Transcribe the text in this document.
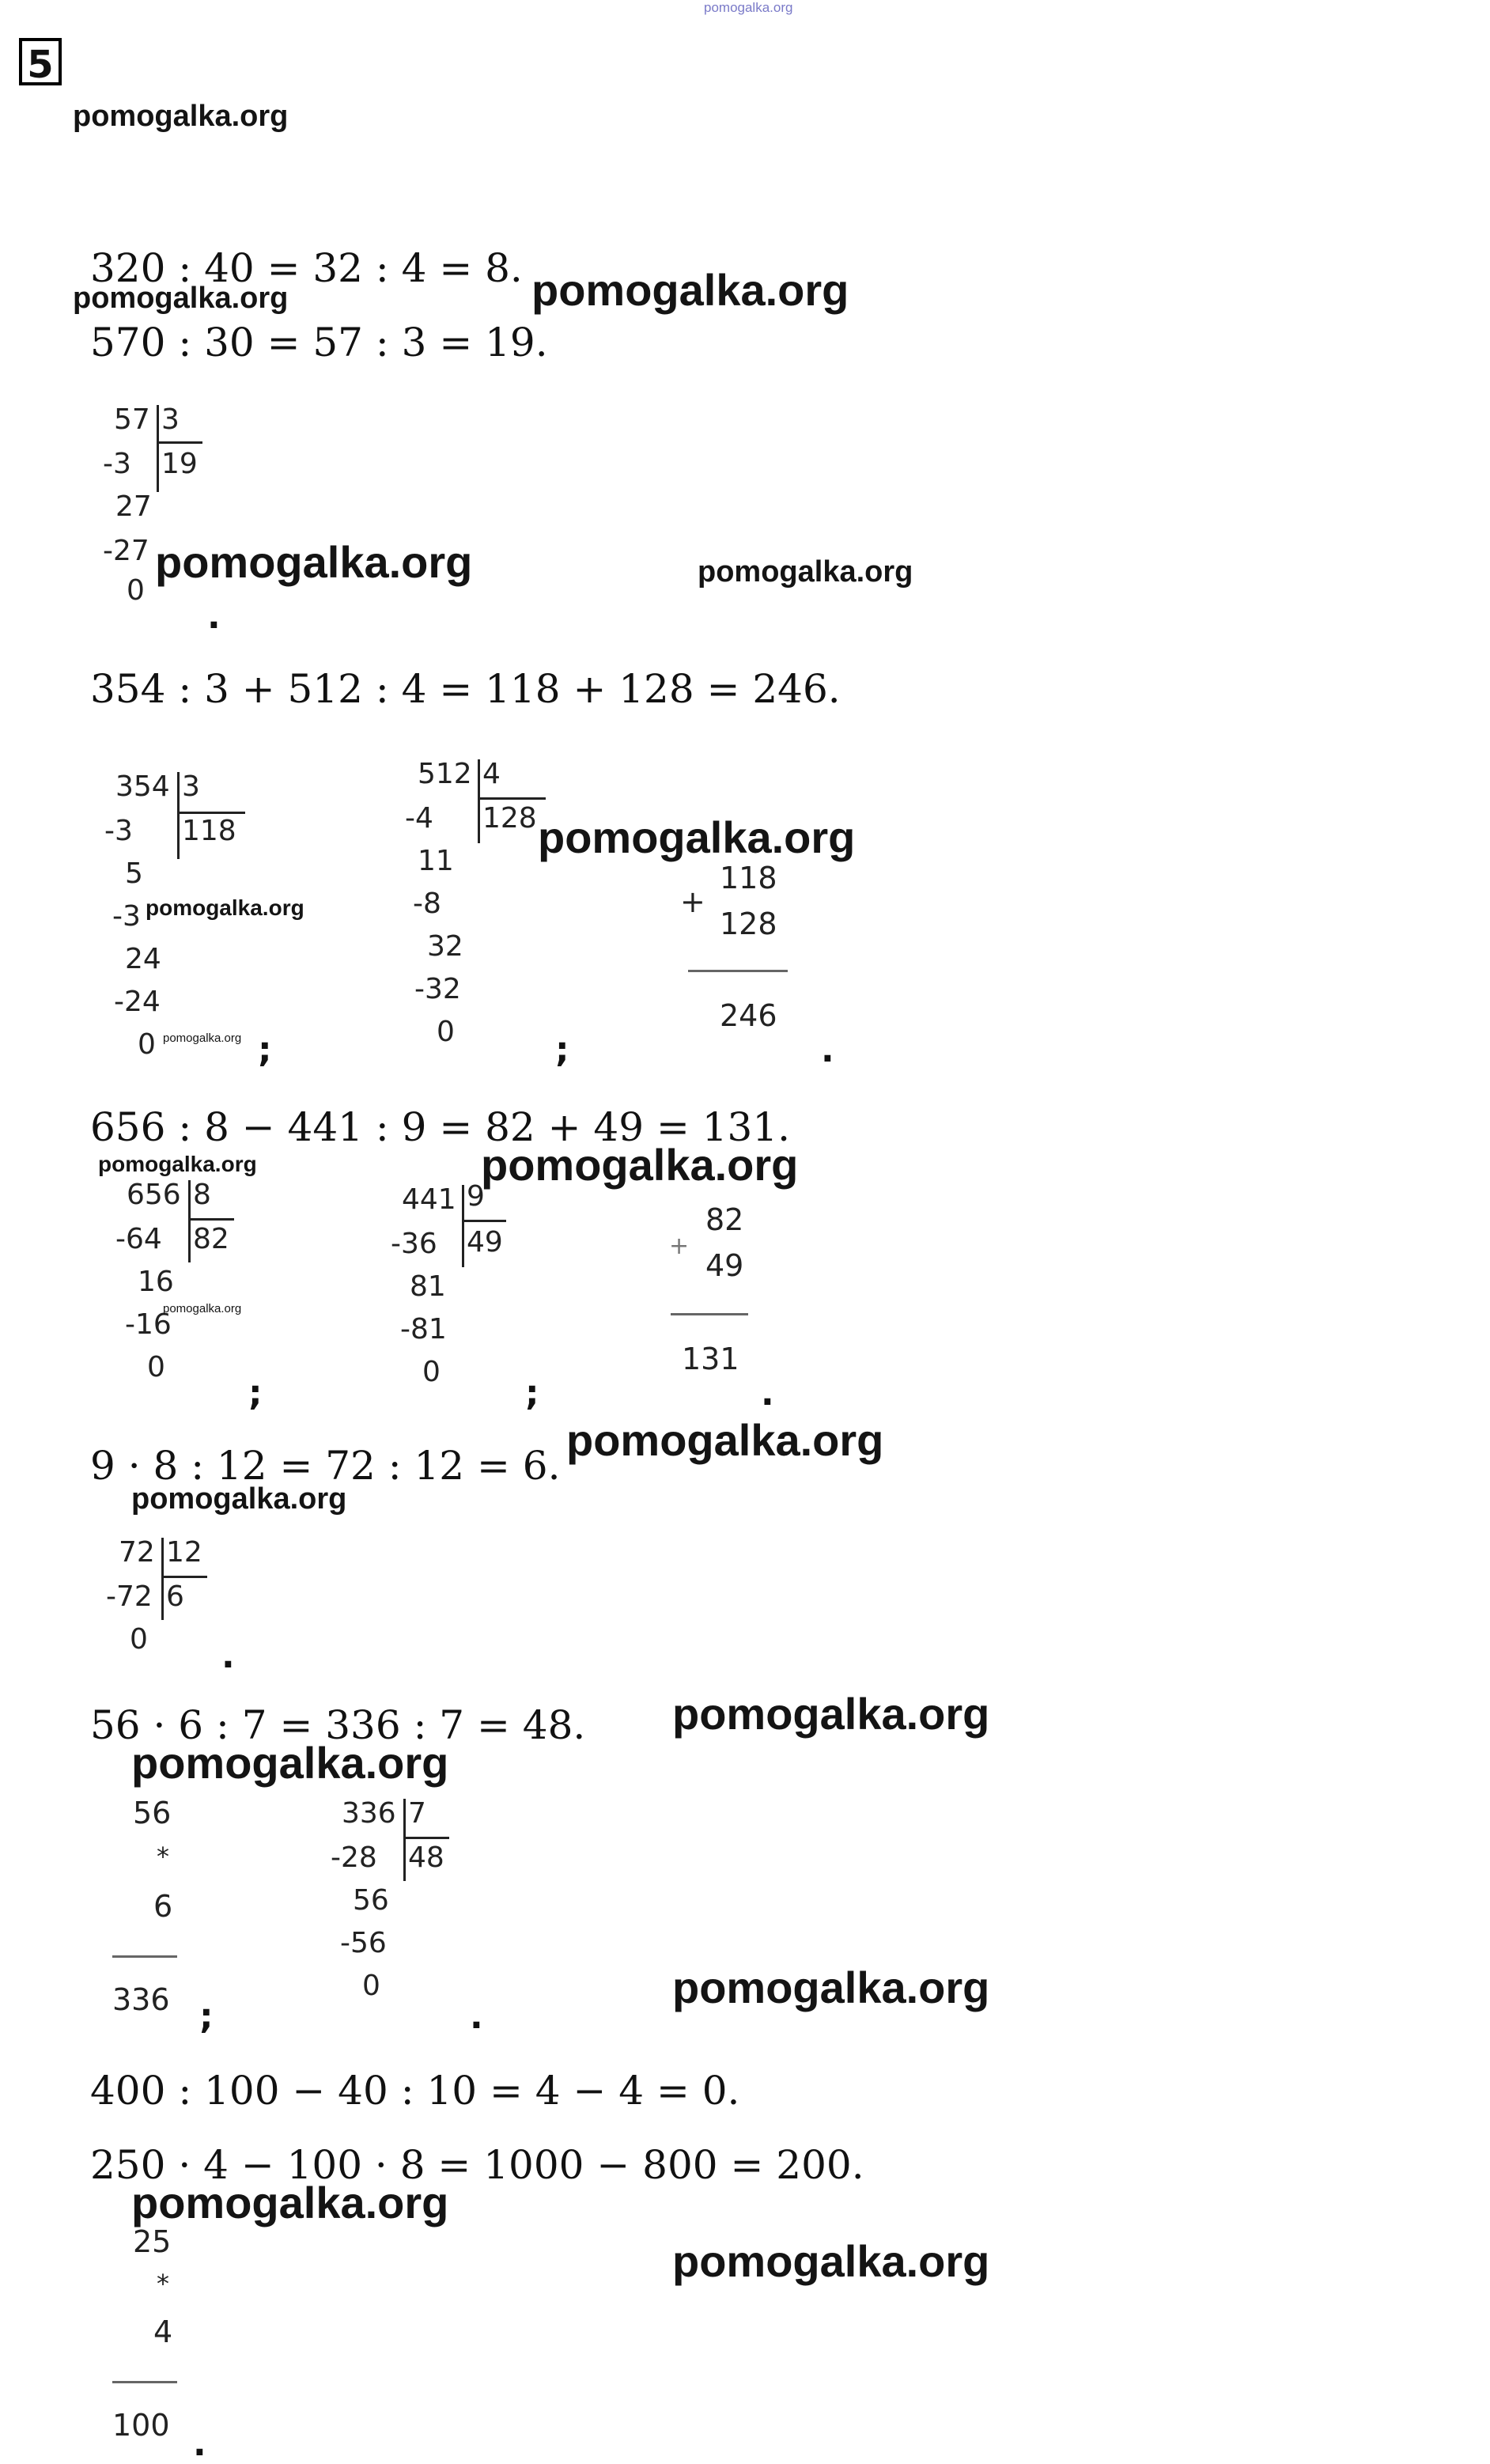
pomogalka.org
5
pomogalka.org
320 : 40 = 32 : 4 = 8.
pomogalka.org	pomogalka.org
570 : 30 = 57 : 3 = 19.
57 3
19
-3
27
-27
0
pomogalka.org	pomogalka.org
.
354 : 3 + 512 : 4 = 118 + 128 = 246.
354 3
118
-3
5
-3
24
-24
0
pomogalka.org
pomogalka.org ;
512 4
128
-4
11
-8
32
-32
0
pomogalka.org
;
+
118
128
246
.
656 : 8 − 441 : 9 = 82 + 49 = 131.
pomogalka.org	pomogalka.org
656 8
82
-64
16
-16
0
pomogalka.org
;
441 9
49
-36
81
-81
0
;
+
82
49
131
.
9 · 8 : 12 = 72 : 12 = 6.
pomogalka.org
pomogalka.org
72 12
6
-72
0 .
56 · 6 : 7 = 336 : 7 = 48. pomogalka.org
pomogalka.org
56
*
6
336 ;
336 7
48
-28
56
-56
0
.
pomogalka.org
400 : 100 − 40 : 10 = 4 − 4 = 0.
250 · 4 − 100 · 8 = 1000 − 800 = 200.
pomogalka.org
pomogalka.org
25
*
4
100 .
